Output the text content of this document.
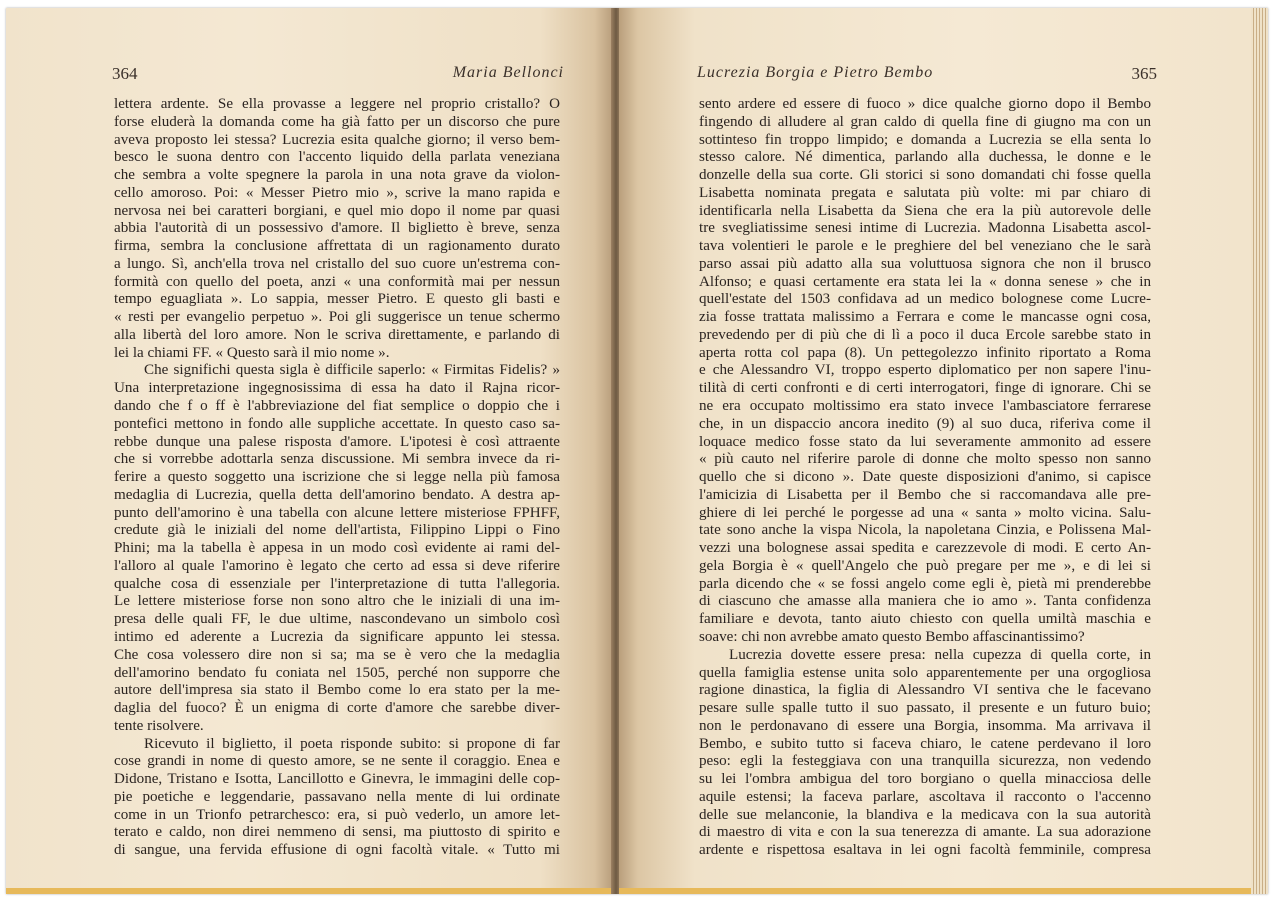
364	Maria Bellonci
lettera ardente. Se ella provasse a leggere nel proprio cristallo? O
forse eluderà la domanda come ha già fatto per un discorso che pure
aveva proposto lei stessa? Lucrezia esita qualche giorno; il verso bem-
besco le suona dentro con l'accento liquido della parlata veneziana
che sembra a volte spegnere la parola in una nota grave da violon-
cello amoroso. Poi: « Messer Pietro mio », scrive la mano rapida e
nervosa nei bei caratteri borgiani, e quel mio dopo il nome par quasi
abbia l'autorità di un possessivo d'amore. Il biglietto è breve, senza
firma, sembra la conclusione affrettata di un ragionamento durato
a lungo. Sì, anch'ella trova nel cristallo del suo cuore un'estrema con-
formità con quello del poeta, anzi « una conformità mai per nessun
tempo eguagliata ». Lo sappia, messer Pietro. E questo gli basti e
« resti per evangelio perpetuo ». Poi gli suggerisce un tenue schermo
alla libertà del loro amore. Non le scriva direttamente, e parlando di
lei la chiami FF. « Questo sarà il mio nome ».
Che significhi questa sigla è difficile saperlo: « Firmitas Fidelis? »
Una interpretazione ingegnosissima di essa ha dato il Rajna ricor-
dando che f o ff è l'abbreviazione del fiat semplice o doppio che i
pontefici mettono in fondo alle suppliche accettate. In questo caso sa-
rebbe dunque una palese risposta d'amore. L'ipotesi è così attraente
che si vorrebbe adottarla senza discussione. Mi sembra invece da ri-
ferire a questo soggetto una iscrizione che si legge nella più famosa
medaglia di Lucrezia, quella detta dell'amorino bendato. A destra ap-
punto dell'amorino è una tabella con alcune lettere misteriose FPHFF,
credute già le iniziali del nome dell'artista, Filippino Lippi o Fino
Phini; ma la tabella è appesa in un modo così evidente ai rami del-
l'alloro al quale l'amorino è legato che certo ad essa si deve riferire
qualche cosa di essenziale per l'interpretazione di tutta l'allegoria.
Le lettere misteriose forse non sono altro che le iniziali di una im-
presa delle quali FF, le due ultime, nascondevano un simbolo così
intimo ed aderente a Lucrezia da significare appunto lei stessa.
Che cosa volessero dire non si sa; ma se è vero che la medaglia
dell'amorino bendato fu coniata nel 1505, perché non supporre che
autore dell'impresa sia stato il Bembo come lo era stato per la me-
daglia del fuoco? È un enigma di corte d'amore che sarebbe diver-
tente risolvere.
Ricevuto il biglietto, il poeta risponde subito: si propone di far
cose grandi in nome di questo amore, se ne sente il coraggio. Enea e
Didone, Tristano e Isotta, Lancillotto e Ginevra, le immagini delle cop-
pie poetiche e leggendarie, passavano nella mente di lui ordinate
come in un Trionfo petrarchesco: era, si può vederlo, un amore let-
terato e caldo, non direi nemmeno di sensi, ma piuttosto di spirito e
di sangue, una fervida effusione di ogni facoltà vitale. « Tutto mi
Lucrezia Borgia e Pietro Bembo	365
sento ardere ed essere di fuoco » dice qualche giorno dopo il Bembo
fingendo di alludere al gran caldo di quella fine di giugno ma con un
sottinteso fin troppo limpido; e domanda a Lucrezia se ella senta lo
stesso calore. Né dimentica, parlando alla duchessa, le donne e le
donzelle della sua corte. Gli storici si sono domandati chi fosse quella
Lisabetta nominata pregata e salutata più volte: mi par chiaro di
identificarla nella Lisabetta da Siena che era la più autorevole delle
tre svegliatissime senesi intime di Lucrezia. Madonna Lisabetta ascol-
tava volentieri le parole e le preghiere del bel veneziano che le sarà
parso assai più adatto alla sua voluttuosa signora che non il brusco
Alfonso; e quasi certamente era stata lei la « donna senese » che in
quell'estate del 1503 confidava ad un medico bolognese come Lucre-
zia fosse trattata malissimo a Ferrara e come le mancasse ogni cosa,
prevedendo per di più che di lì a poco il duca Ercole sarebbe stato in
aperta rotta col papa (8). Un pettegolezzo infinito riportato a Roma
e che Alessandro VI, troppo esperto diplomatico per non sapere l'inu-
tilità di certi confronti e di certi interrogatori, finge di ignorare. Chi se
ne era occupato moltissimo era stato invece l'ambasciatore ferrarese
che, in un dispaccio ancora inedito (9) al suo duca, riferiva come il
loquace medico fosse stato da lui severamente ammonito ad essere
« più cauto nel riferire parole di donne che molto spesso non sanno
quello che si dicono ». Date queste disposizioni d'animo, si capisce
l'amicizia di Lisabetta per il Bembo che si raccomandava alle pre-
ghiere di lei perché le porgesse ad una « santa » molto vicina. Salu-
tate sono anche la vispa Nicola, la napoletana Cinzia, e Polissena Mal-
vezzi una bolognese assai spedita e carezzevole di modi. E certo An-
gela Borgia è « quell'Angelo che può pregare per me », e di lei si
parla dicendo che « se fossi angelo come egli è, pietà mi prenderebbe
di ciascuno che amasse alla maniera che io amo ». Tanta confidenza
familiare e devota, tanto aiuto chiesto con quella umiltà maschia e
soave: chi non avrebbe amato questo Bembo affascinantissimo?
Lucrezia dovette essere presa: nella cupezza di quella corte, in
quella famiglia estense unita solo apparentemente per una orgogliosa
ragione dinastica, la figlia di Alessandro VI sentiva che le facevano
pesare sulle spalle tutto il suo passato, il presente e un futuro buio;
non le perdonavano di essere una Borgia, insomma. Ma arrivava il
Bembo, e subito tutto si faceva chiaro, le catene perdevano il loro
peso: egli la festeggiava con una tranquilla sicurezza, non vedendo
su lei l'ombra ambigua del toro borgiano o quella minacciosa delle
aquile estensi; la faceva parlare, ascoltava il racconto o l'accenno
delle sue melanconie, la blandiva e la medicava con la sua autorità
di maestro di vita e con la sua tenerezza di amante. La sua adorazione
ardente e rispettosa esaltava in lei ogni facoltà femminile, compresa
